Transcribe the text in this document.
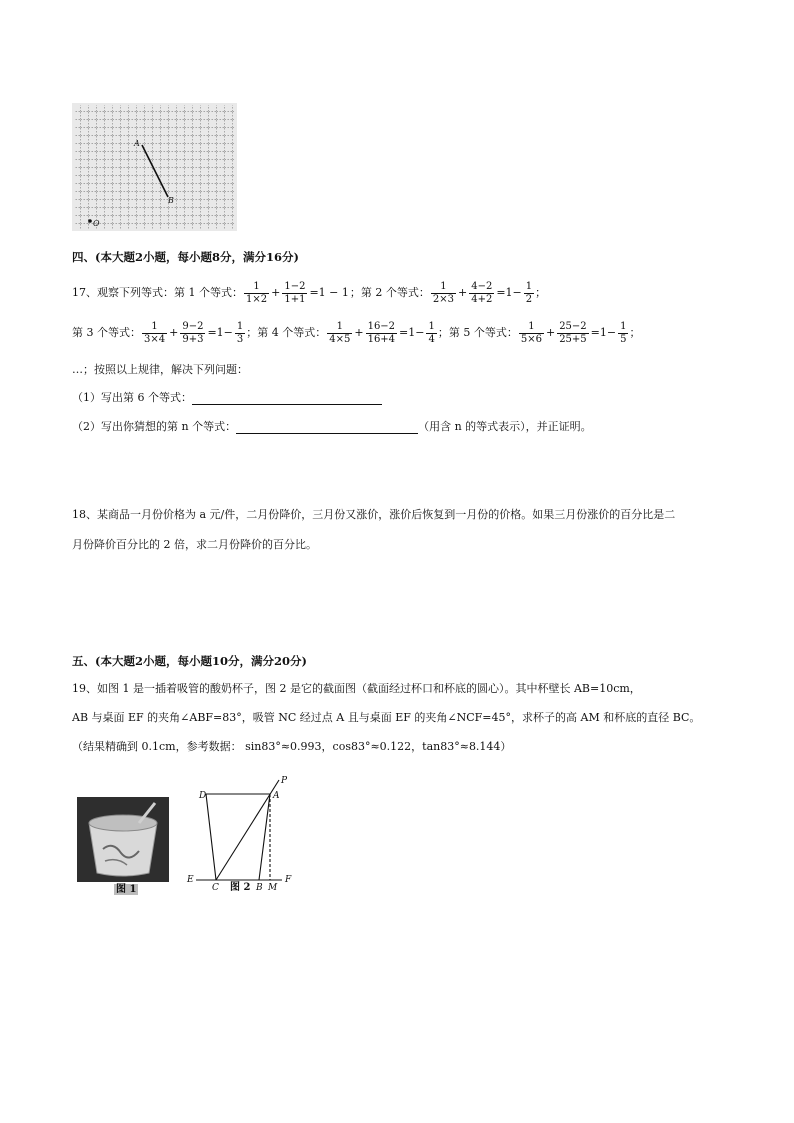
A
B
O
四、(本大题2小题，每小题8分，满分16分)
17、观察下列等式：第 1 个等式： $\frac{1}{1\times 2} + \frac{1-2}{1+1} =1 - 1$ ；第 2 个等式： $\frac{1}{2\times 3} + \frac{4-2}{4+2} =1- \frac{1}{2}$ ；
第 3 个等式： $\frac{1}{3\times 4} + \frac{9-2}{9+3} =1- \frac{1}{3}$ ；第 4 个等式： $\frac{1}{4\times 5} + \frac{16-2}{16+4} =1- \frac{1}{4}$ ；第 5 个等式： $\frac{1}{5\times 6} + \frac{25-2}{25+5} =1- \frac{1}{5}$ ；
…；按照以上规律，解决下列问题：
（1）写出第 6 个等式：
（2）写出你猜想的第 n 个等式：	（用含 n 的等式表示），并正证明。
18、某商品一月份价格为 a 元/件，二月份降价，三月份又涨价，涨价后恢复到一月份的价格。如果三月份涨价的百分比是二
月份降价百分比的 2 倍，求二月份降价的百分比。
五、(本大题2小题，每小题10分，满分20分)
19、如图 1 是一插着吸管的酸奶杯子，图 2 是它的截面图（截面经过杯口和杯底的圆心）。其中杯壁长 AB=10cm，
AB 与桌面 EF 的夹角∠ABF=83°，吸管 NC 经过点 A 且与桌面 EF 的夹角∠NCF=45°，求杯子的高 AM 和杯底的直径 BC。
（结果精确到 0.1cm，参考数据： sin83°≈0.993，cos83°≈0.122，tan83°≈8.144）
图 1
P
D	A
E
C 图 2 B M
F
